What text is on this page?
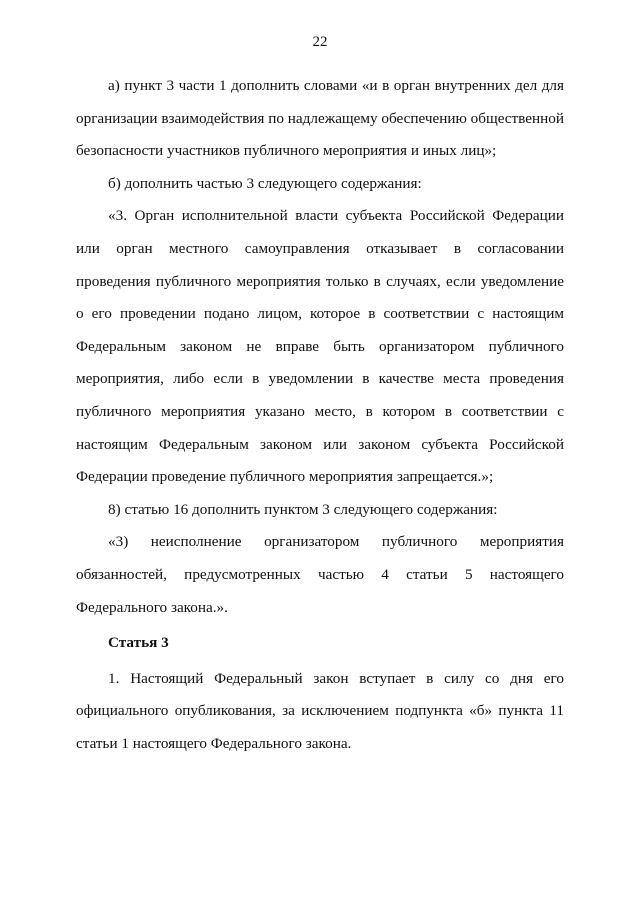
22

а) пункт 3 части 1 дополнить словами «и в орган внутренних дел для организации взаимодействия по надлежащему обеспечению общественной безопасности участников публичного мероприятия и иных лиц»;

б) дополнить частью 3 следующего содержания:

«3. Орган исполнительной власти субъекта Российской Федерации или орган местного самоуправления отказывает в согласовании проведения публичного мероприятия только в случаях, если уведомление о его проведении подано лицом, которое в соответствии с настоящим Федеральным законом не вправе быть организатором публичного мероприятия, либо если в уведомлении в качестве места проведения публичного мероприятия указано место, в котором в соответствии с настоящим Федеральным законом или законом субъекта Российской Федерации проведение публичного мероприятия запрещается.»;

8) статью 16 дополнить пунктом 3 следующего содержания:

«3) неисполнение организатором публичного мероприятия обязанностей, предусмотренных частью 4 статьи 5 настоящего Федерального закона.».

Статья 3

1. Настоящий Федеральный закон вступает в силу со дня его официального опубликования, за исключением подпункта «б» пункта 11 статьи 1 настоящего Федерального закона.
